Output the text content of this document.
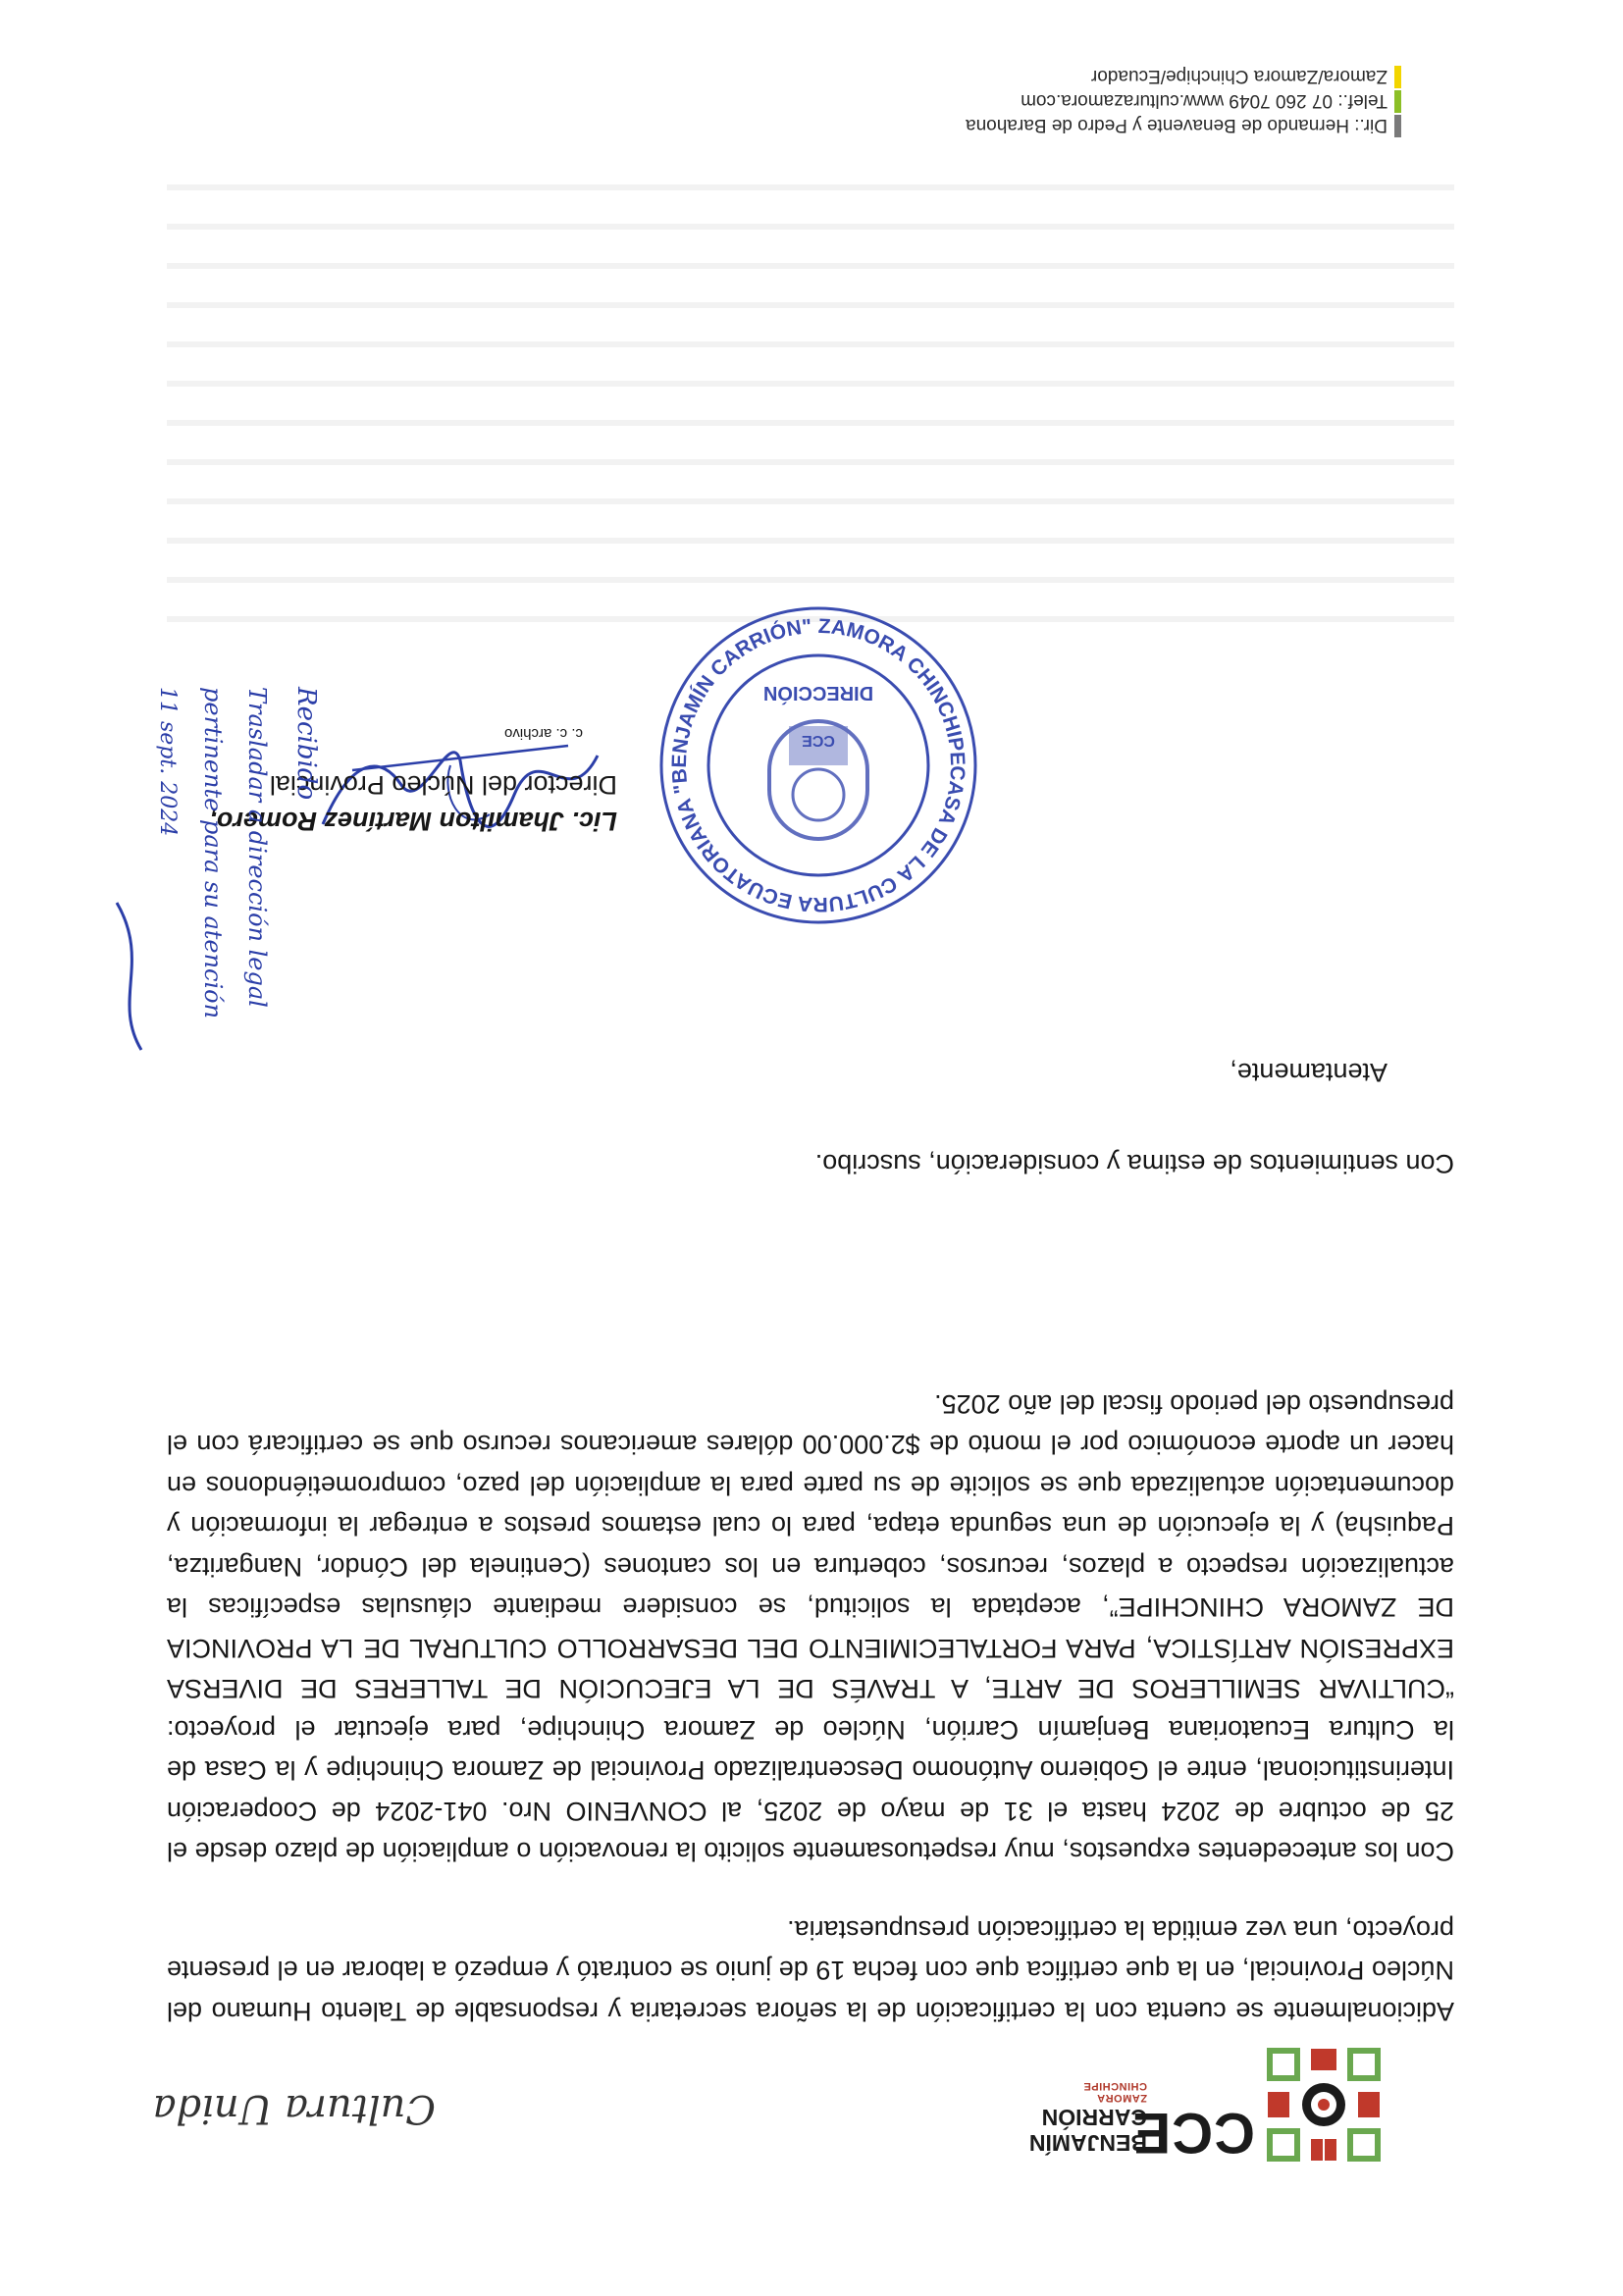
CCE
BENJAMÍN
CARRIÓN
ZAMORA CHINCHIPE
Cultura Unida

Adicionalmente se cuenta con la certificación de la señora secretaria y responsable de Talento Humano del Núcleo Provincial, en la que certifica que con fecha 19 de junio se contrató y empezó a laborar en el presente proyecto, una vez emitida la certificación presupuestaria.

Con los antecedentes expuestos, muy respetuosamente solicito la renovación o ampliación de plazo desde el 25 de octubre de 2024 hasta el 31 de mayo de 2025, al CONVENIO Nro. 041-2024 de Cooperación Interinstitucional, entre el Gobierno Autónomo Descentralizado Provincial de Zamora Chinchipe y la Casa de la Cultura Ecuatoriana Benjamín Carrión, Núcleo de Zamora Chinchipe, para ejecutar el proyecto: “CULTIVAR SEMILLEROS DE ARTE, A TRAVÉS DE LA EJECUCIÓN DE TALLERES DE DIVERSA EXPRESIÓN ARTÍSTICA, PARA FORTALECIMIENTO DEL DESARROLLO CULTURAL DE LA PROVINCIA DE ZAMORA CHINCHIPE”, aceptada la solicitud, se considere mediante cláusulas específicas la actualización respecto a plazos, recursos, cobertura en los cantones (Centinela del Cóndor, Nangaritza, Paquisha) y la ejecución de una segunda etapa, para lo cual estamos prestos a entregar la información y documentación actualizada que se solicite de su parte para la ampliación del pazo, comprometiéndonos en hacer un aporte económico por el monto de $2.000.00 dólares americanos recurso que se certificará con el presupuesto del periodo fiscal del año 2025.

Con sentimientos de estima y consideración, suscribo.
Atentamente,
CASA DE LA CULTURA ECUATORIANA "BENJAMÍN CARRIÓN" ZAMORA CHINCHIPE
DIRECCIÓN
CCE
Lic. Jhamilton Martínez Romero,
Director del Núcleo Provincial
c. c. archivo
Recibido
Trasladar a dirección legal
pertinente para su atención
11 sept. 2024
Dir.: Hernando de Benavente y Pedro de Barahona
Telef.: 07 260 7049 www.culturazamora.com
Zamora/Zamora Chinchipe/Ecuador
